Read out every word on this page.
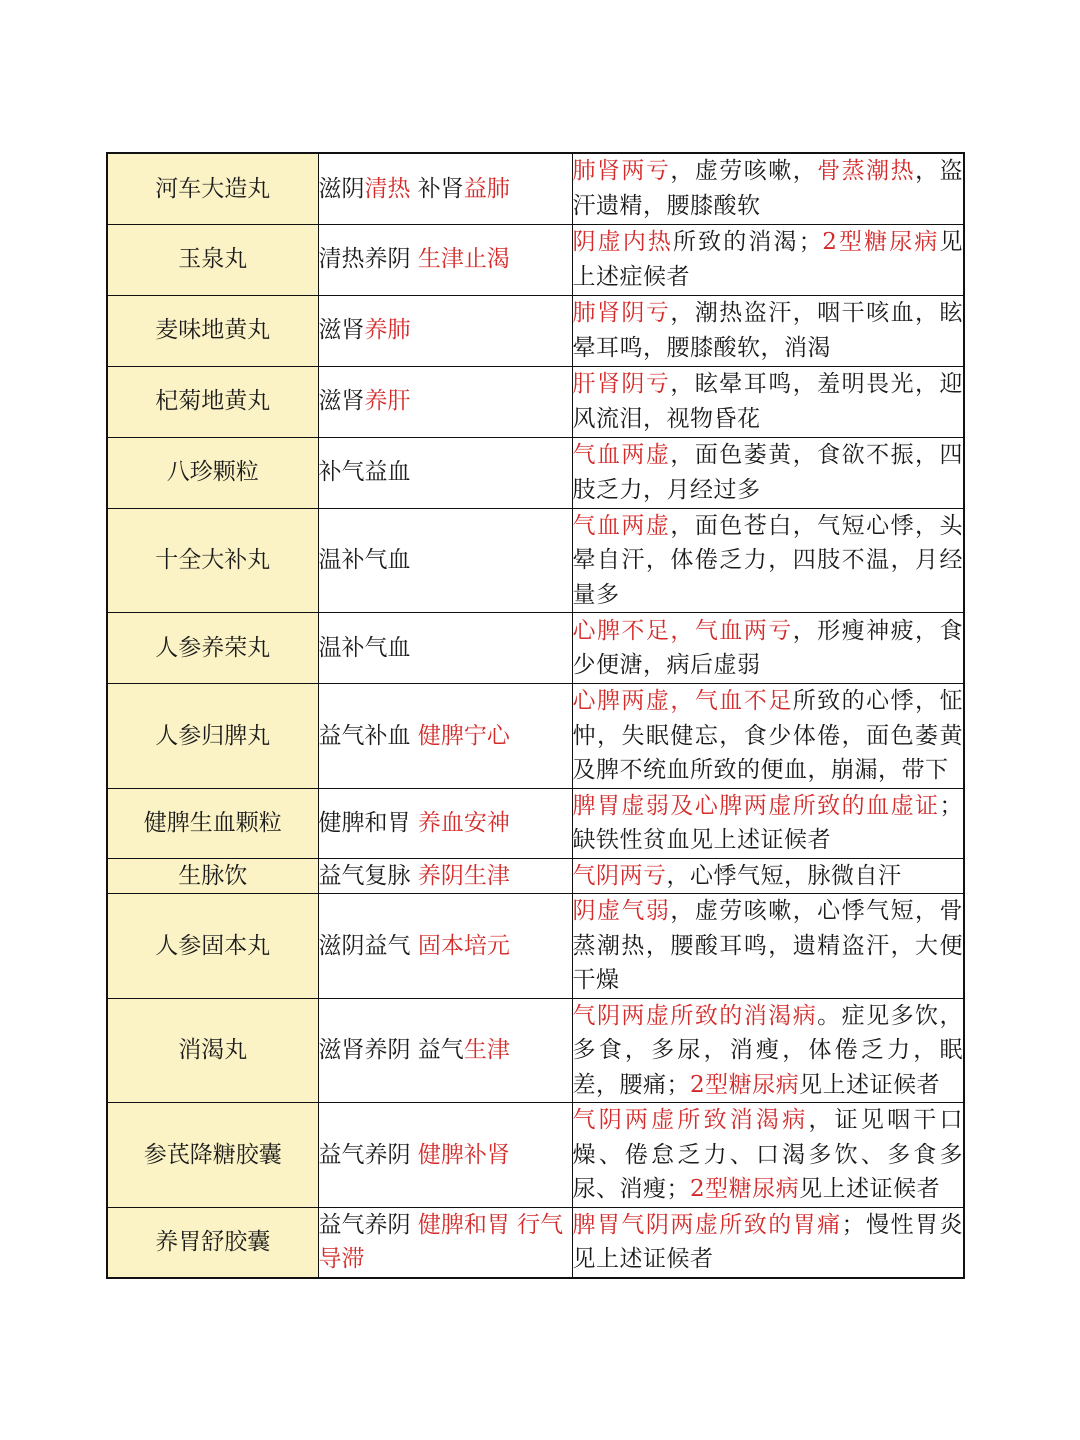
河车大造丸	滋阴清热 补肾益肺	肺肾两亏，虚劳咳嗽，骨蒸潮热，盗汗遗精，腰膝酸软
玉泉丸	清热养阴 生津止渴	阴虚内热所致的消渴；2型糖尿病见上述症候者
麦味地黄丸	滋肾养肺	肺肾阴亏，潮热盗汗，咽干咳血，眩晕耳鸣，腰膝酸软，消渴
杞菊地黄丸	滋肾养肝	肝肾阴亏，眩晕耳鸣，羞明畏光，迎风流泪，视物昏花
八珍颗粒	补气益血	气血两虚，面色萎黄，食欲不振，四肢乏力，月经过多
十全大补丸	温补气血	气血两虚，面色苍白，气短心悸，头晕自汗，体倦乏力，四肢不温，月经量多
人参养荣丸	温补气血	心脾不足，气血两亏，形瘦神疲，食少便溏，病后虚弱
人参归脾丸	益气补血 健脾宁心	心脾两虚，气血不足所致的心悸，怔忡，失眠健忘，食少体倦，面色萎黄及脾不统血所致的便血，崩漏，带下
健脾生血颗粒	健脾和胃 养血安神	脾胃虚弱及心脾两虚所致的血虚证；缺铁性贫血见上述证候者
生脉饮	益气复脉 养阴生津	气阴两亏，心悸气短，脉微自汗
人参固本丸	滋阴益气 固本培元	阴虚气弱，虚劳咳嗽，心悸气短，骨蒸潮热，腰酸耳鸣，遗精盗汗，大便干燥
消渴丸	滋肾养阴 益气生津	气阴两虚所致的消渴病。症见多饮，多食，多尿，消瘦，体倦乏力，眠差，腰痛；2型糖尿病见上述证候者
参芪降糖胶囊	益气养阴 健脾补肾	气阴两虚所致消渴病，证见咽干口燥、倦怠乏力、口渴多饮、多食多尿、消瘦；2型糖尿病见上述证候者
养胃舒胶囊	益气养阴 健脾和胃 行气导滞	脾胃气阴两虚所致的胃痛；慢性胃炎见上述证候者
